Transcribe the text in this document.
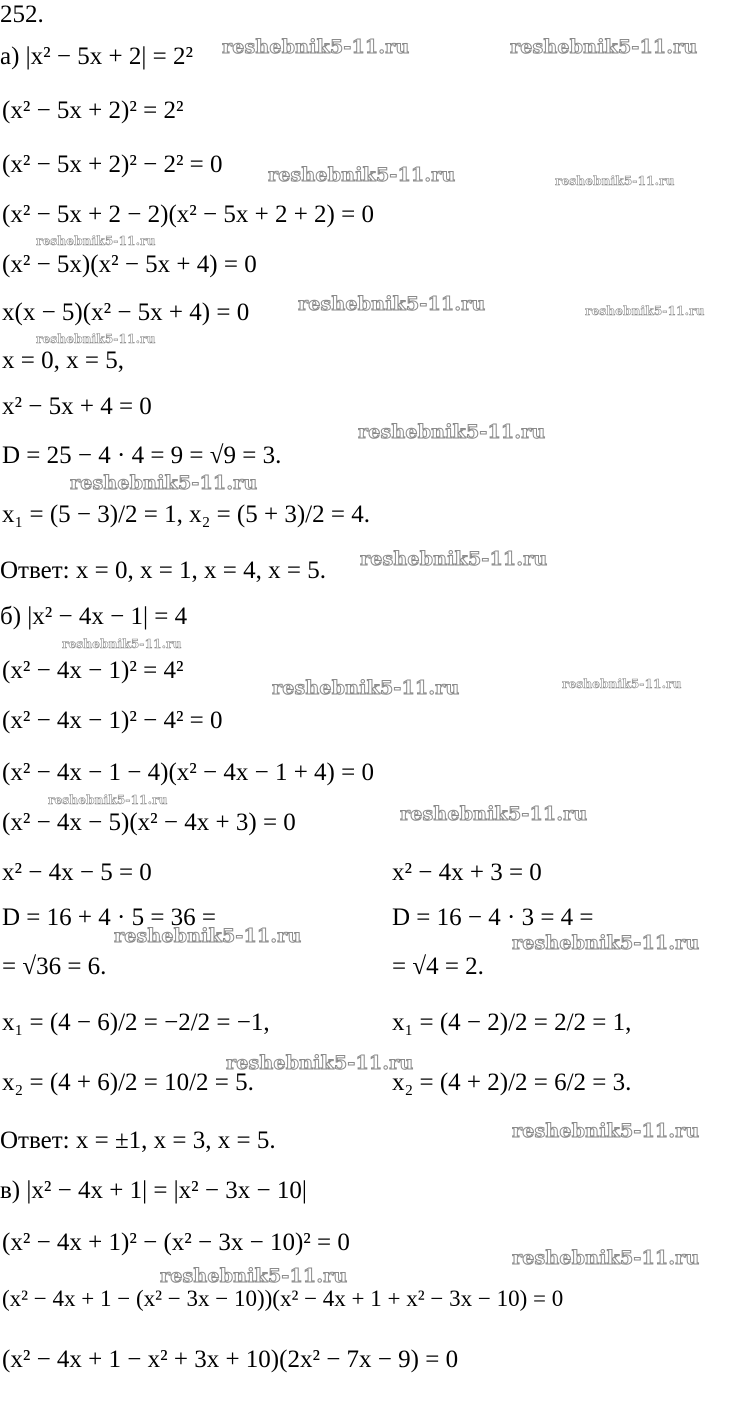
252.
а) |x² − 5x + 2| = 2²
(x² − 5x + 2)² = 2²
(x² − 5x + 2)² − 2² = 0
(x² − 5x + 2 − 2)(x² − 5x + 2 + 2) = 0
(x² − 5x)(x² − 5x + 4) = 0
x(x − 5)(x² − 5x + 4) = 0
x = 0, x = 5,
x² − 5x + 4 = 0
D = 25 − 4 · 4 = 9 = √9 = 3.
x₁ = (5 − 3)/2 = 1, x₂ = (5 + 3)/2 = 4.
Ответ: x = 0, x = 1, x = 4, x = 5.
б) |x² − 4x − 1| = 4
(x² − 4x − 1)² = 4²
(x² − 4x − 1)² − 4² = 0
(x² − 4x − 1 − 4)(x² − 4x − 1 + 4) = 0
(x² − 4x − 5)(x² − 4x + 3) = 0
x² − 4x − 5 = 0
D = 16 + 4 · 5 = 36 =
= √36 = 6.
x₁ = (4 − 6)/2 = −2/2 = −1,
x₂ = (4 + 6)/2 = 10/2 = 5.
x² − 4x + 3 = 0
D = 16 − 4 · 3 = 4 =
= √4 = 2.
x₁ = (4 − 2)/2 = 2/2 = 1,
x₂ = (4 + 2)/2 = 6/2 = 3.
Ответ: x = ±1, x = 3, x = 5.
в) |x² − 4x + 1| = |x² − 3x − 10|
(x² − 4x + 1)² − (x² − 3x − 10)² = 0
(x² − 4x + 1 − (x² − 3x − 10))(x² − 4x + 1 + x² − 3x − 10) = 0
(x² − 4x + 1 − x² + 3x + 10)(2x² − 7x − 9) = 0
reshebnik5-11.ru	reshebnik5-11.ru
reshebnik5-11.ru	reshebnik5-11.ru
reshebnik5-11.ru
reshebnik5-11.ru	reshebnik5-11.ru
reshebnik5-11.ru
reshebnik5-11.ru
reshebnik5-11.ru
reshebnik5-11.ru
reshebnik5-11.ru
reshebnik5-11.ru	reshebnik5-11.ru
reshebnik5-11.ru
reshebnik5-11.ru
reshebnik5-11.ru	reshebnik5-11.ru
reshebnik5-11.ru
reshebnik5-11.ru
reshebnik5-11.ru
reshebnik5-11.ru
